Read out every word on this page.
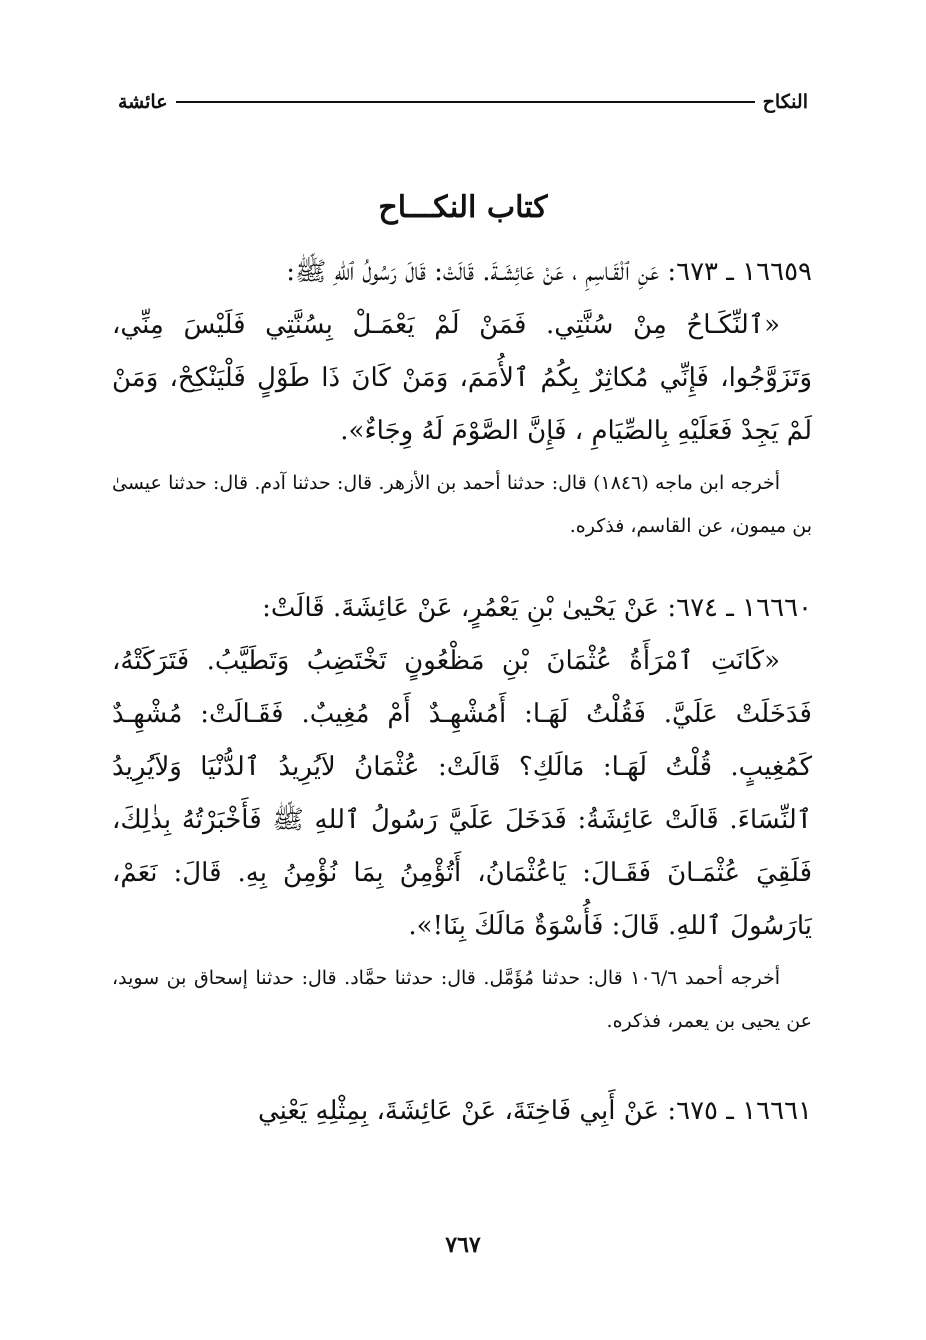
النكاح
عائشة
كتاب النكـــاح

١٦٦٥٩ ـ ٦٧٣: عَنِ ٱلْقَـاسِمِ ، عَنْ عَائِشَـةَ. قَالَتْ: قَالَ رَسُولُ ٱللهِ ﷺ:

«ٱلنِّكَـاحُ مِنْ سُنَّتِي. فَمَنْ لَمْ يَعْمَـلْ بِسُنَّتِي فَلَيْسَ مِنِّي، وَتَزَوَّجُوا، فَإِنِّي مُكاثِرٌ بِكُمُ ٱلأُمَمَ، وَمَنْ كَانَ ذَا طَوْلٍ فَلْيَنْكِحْ، وَمَنْ لَمْ يَجِدْ فَعَلَيْهِ بِالصِّيَامِ ، فَإِنَّ الصَّوْمَ لَهُ وِجَاءٌ».

أخرجه ابن ماجه (١٨٤٦) قال: حدثنا أحمد بن الأزهر. قال: حدثنا آدم. قال: حدثنا عيسىٰ بن ميمون، عن القاسم، فذكره.

١٦٦٦٠ ـ ٦٧٤: عَنْ يَحْيىٰ بْنِ يَعْمُرٍ، عَنْ عَائِشَةَ. قَالَتْ:

«كَانَتِ ٱمْرَأَةُ عُثْمَانَ بْنِ مَظْعُونٍ تَخْتَضِبُ وَتَطَيَّبُ. فَتَرَكَتْهُ، فَدَخَلَتْ عَلَيَّ. فَقُلْتُ لَهَـا: أَمُشْهِـدٌ أَمْ مُغِيبٌ. فَقَـالَتْ: مُشْهِـدٌ كَمُغِيبٍ. قُلْتُ لَهَـا: مَالَكِ؟ قَالَتْ: عُثْمَانُ لاَيُرِيدُ ٱلدُّنْيَا وَلاَيُرِيدُ ٱلنِّسَاءَ. قَالَتْ عَائِشَةُ: فَدَخَلَ عَلَيَّ رَسُولُ ٱللهِ ﷺ فَأَخْبَرْتُهُ بِذٰلِكَ، فَلَقِيَ عُثْمَـانَ فَقَـالَ: يَاعُثْمَانُ، أَتُؤْمِنُ بِمَا نُؤْمِنُ بِهِ. قَالَ: نَعَمْ، يَارَسُولَ ٱللهِ. قَالَ: فَأُسْوَةٌ مَالَكَ بِنَا!».

أخرجه أحمد ١٠٦/٦ قال: حدثنا مُؤَمَّل. قال: حدثنا حمَّاد. قال: حدثنا إسحاق بن سويد، عن يحيى بن يعمر، فذكره.

١٦٦٦١ ـ ٦٧٥: عَنْ أَبِي فَاخِتَةَ، عَنْ عَائِشَةَ، بِمِثْلِهِ يَعْنِي

٧٦٧
